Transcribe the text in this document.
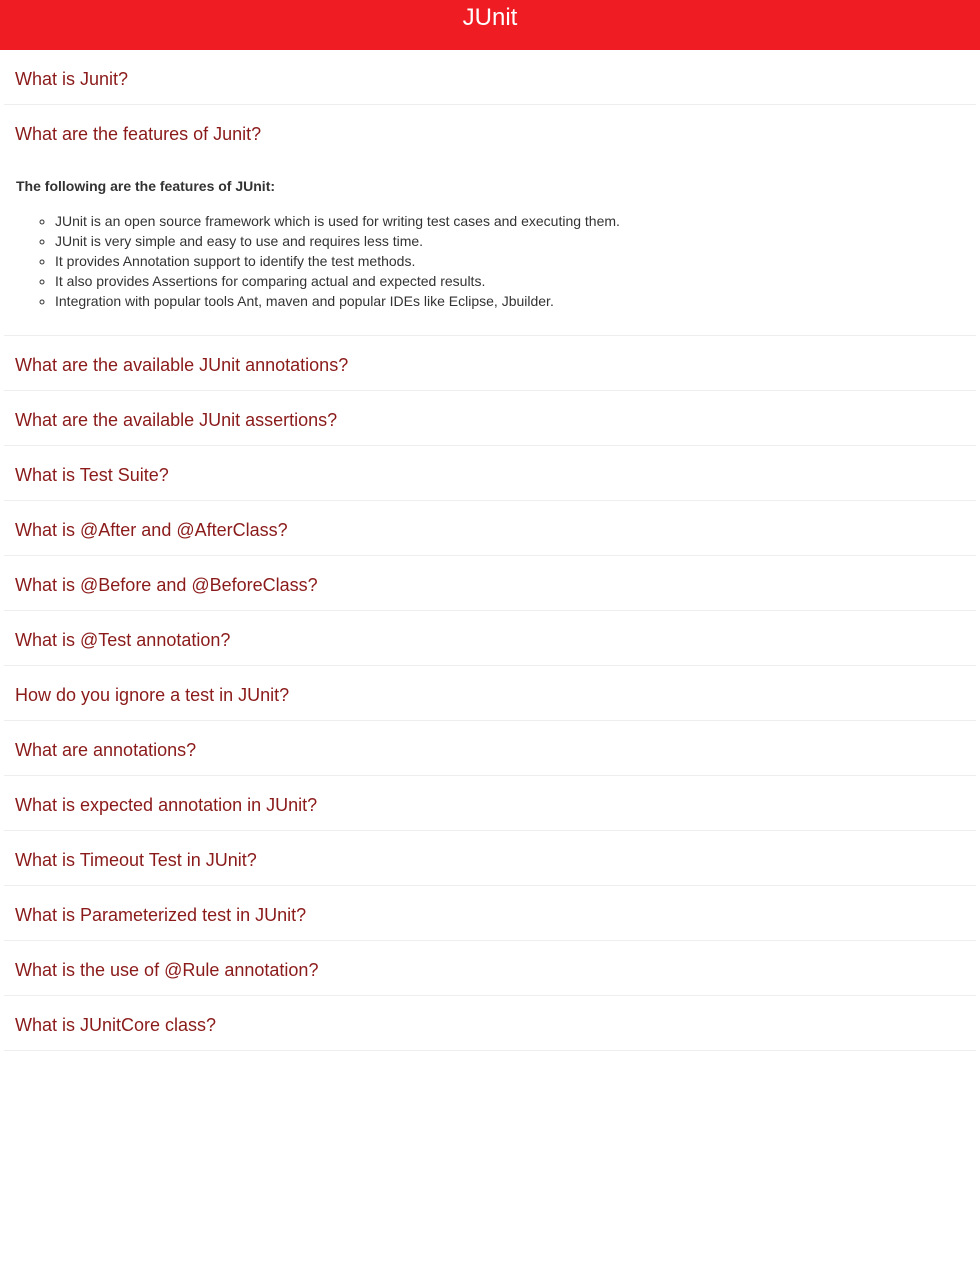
JUnit
What is Junit?
What are the features of Junit?

The following are the features of JUnit:

◦ JUnit is an open source framework which is used for writing test cases and executing them.
◦ JUnit is very simple and easy to use and requires less time.
◦ It provides Annotation support to identify the test methods.
◦ It also provides Assertions for comparing actual and expected results.
◦ Integration with popular tools Ant, maven and popular IDEs like Eclipse, Jbuilder.
What are the available JUnit annotations?
What are the available JUnit assertions?
What is Test Suite?
What is @After and @AfterClass?
What is @Before and @BeforeClass?
What is @Test annotation?
How do you ignore a test in JUnit?
What are annotations?
What is expected annotation in JUnit?
What is Timeout Test in JUnit?
What is Parameterized test in JUnit?
What is the use of @Rule annotation?
What is JUnitCore class?
